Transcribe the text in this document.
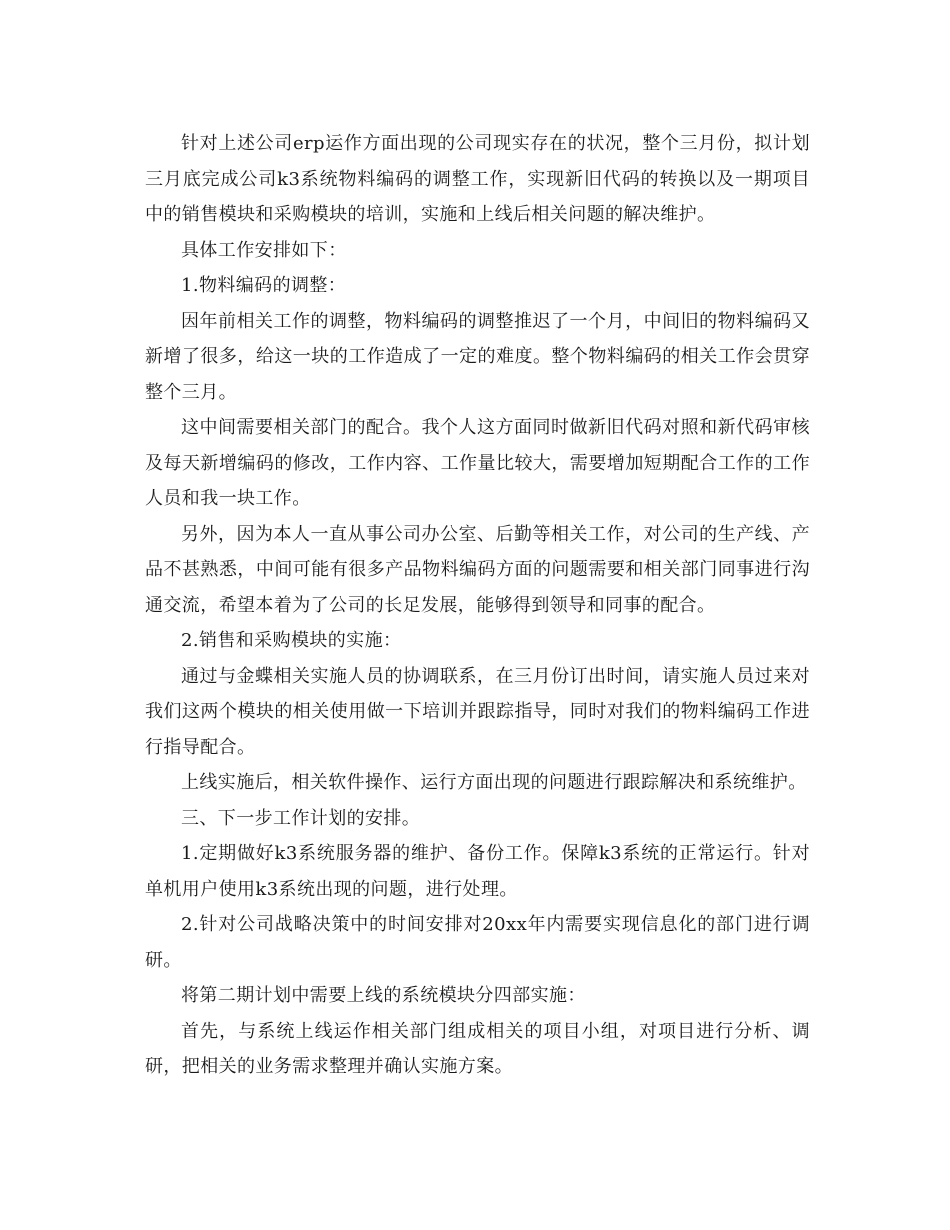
针对上述公司erp运作方面出现的公司现实存在的状况，整个三月份，拟计划三月底完成公司k3系统物料编码的调整工作，实现新旧代码的转换以及一期项目中的销售模块和采购模块的培训，实施和上线后相关问题的解决维护。

具体工作安排如下：

1.物料编码的调整：

因年前相关工作的调整，物料编码的调整推迟了一个月，中间旧的物料编码又新增了很多，给这一块的工作造成了一定的难度。整个物料编码的相关工作会贯穿整个三月。

这中间需要相关部门的配合。我个人这方面同时做新旧代码对照和新代码审核及每天新增编码的修改，工作内容、工作量比较大，需要增加短期配合工作的工作人员和我一块工作。

另外，因为本人一直从事公司办公室、后勤等相关工作，对公司的生产线、产品不甚熟悉，中间可能有很多产品物料编码方面的问题需要和相关部门同事进行沟通交流，希望本着为了公司的长足发展，能够得到领导和同事的配合。

2.销售和采购模块的实施：

通过与金蝶相关实施人员的协调联系，在三月份订出时间，请实施人员过来对我们这两个模块的相关使用做一下培训并跟踪指导，同时对我们的物料编码工作进行指导配合。

上线实施后，相关软件操作、运行方面出现的问题进行跟踪解决和系统维护。

三、下一步工作计划的安排。

1.定期做好k3系统服务器的维护、备份工作。保障k3系统的正常运行。针对单机用户使用k3系统出现的问题，进行处理。

2.针对公司战略决策中的时间安排对20xx年内需要实现信息化的部门进行调研。

将第二期计划中需要上线的系统模块分四部实施：

首先，与系统上线运作相关部门组成相关的项目小组，对项目进行分析、调研，把相关的业务需求整理并确认实施方案。
